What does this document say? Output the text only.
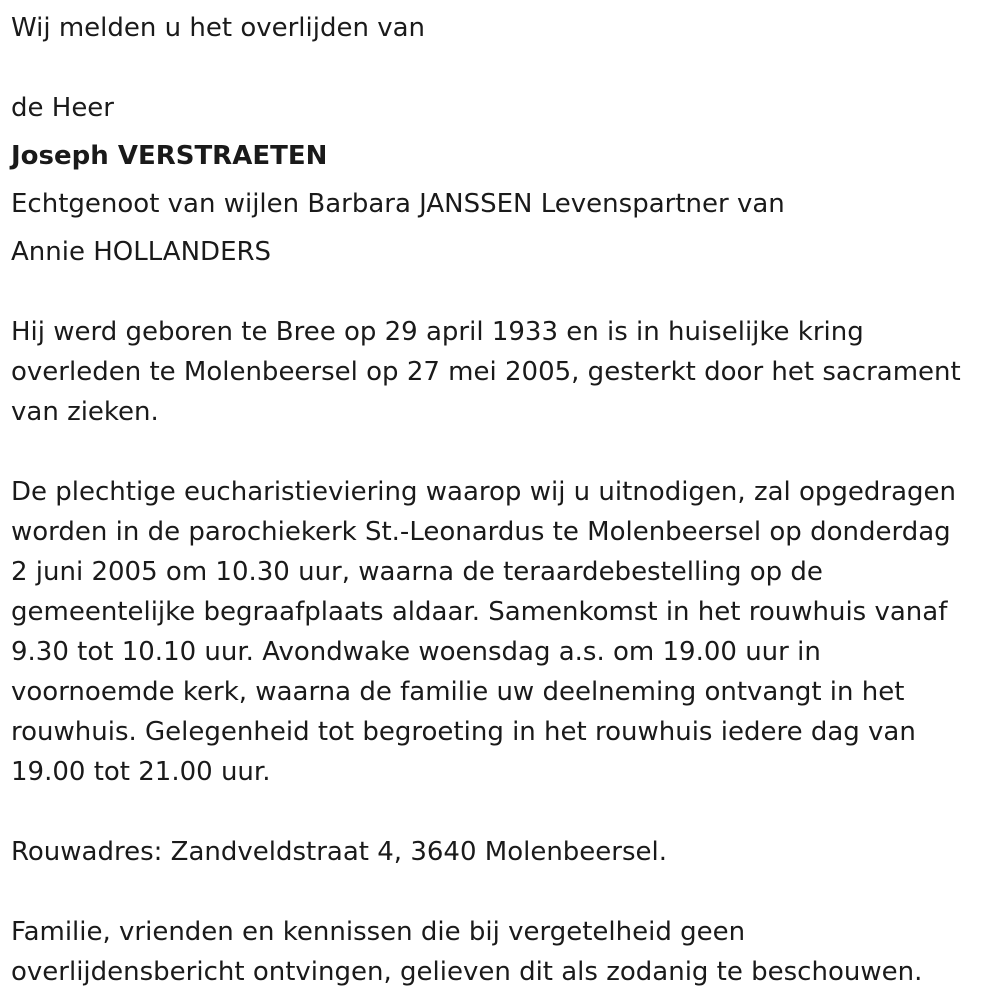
Wij melden u het overlijden van
de Heer
Joseph VERSTRAETEN
Echtgenoot van wijlen Barbara JANSSEN Levenspartner van
Annie HOLLANDERS
Hij werd geboren te Bree op 29 april 1933 en is in huiselijke kring
overleden te Molenbeersel op 27 mei 2005, gesterkt door het sacrament
van zieken.
De plechtige eucharistieviering waarop wij u uitnodigen, zal opgedragen
worden in de parochiekerk St.-Leonardus te Molenbeersel op donderdag
2 juni 2005 om 10.30 uur, waarna de teraardebestelling op de
gemeentelijke begraafplaats aldaar. Samenkomst in het rouwhuis vanaf
9.30 tot 10.10 uur. Avondwake woensdag a.s. om 19.00 uur in
voornoemde kerk, waarna de familie uw deelneming ontvangt in het
rouwhuis. Gelegenheid tot begroeting in het rouwhuis iedere dag van
19.00 tot 21.00 uur.
Rouwadres: Zandveldstraat 4, 3640 Molenbeersel.
Familie, vrienden en kennissen die bij vergetelheid geen
overlijdensbericht ontvingen, gelieven dit als zodanig te beschouwen.
